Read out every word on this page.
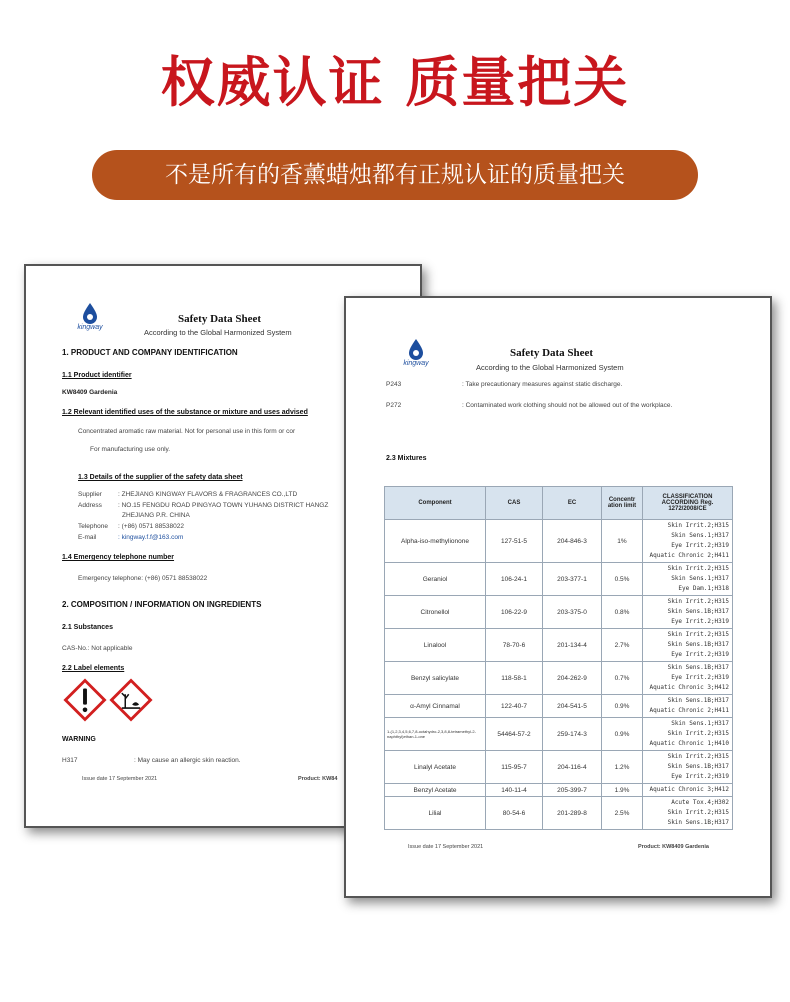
权威认证 质量把关
不是所有的香薰蜡烛都有正规认证的质量把关
kingway
Safety Data Sheet
According to the Global Harmonized System
1. PRODUCT AND COMPANY IDENTIFICATION
1.1 Product identifier
KW8409 Gardenia
1.2 Relevant identified uses of the substance or mixture and uses advised
Concentrated aromatic raw material. Not for personal use in this form or cor
For manufacturing use only.
1.3 Details of the supplier of the safety data sheet
Supplier	: ZHEJIANG KINGWAY FLAVORS & FRAGRANCES CO.,LTD
Address	: NO.15 FENGDU ROAD PINGYAO TOWN YUHANG DISTRICT HANGZ
ZHEJIANG P.R. CHINA
Telephone	: (+86) 0571 88538022
E-mail	: kingway.f.f@163.com
1.4 Emergency telephone number
Emergency telephone: (+86) 0571 88538022
2. COMPOSITION / INFORMATION ON INGREDIENTS
2.1 Substances
CAS-No.: Not applicable
2.2 Label elements
WARNING
H317	: May cause an allergic skin reaction.
Issue date 17 September 2021	Product: KW84
kingway
Safety Data Sheet
According to the Global Harmonized System
P243	: Take precautionary measures against static discharge.
P272	: Contaminated work clothing should not be allowed out of the workplace.
2.3 Mixtures
Component	CAS	EC	Concentr ation limit	CLASSIFICATION ACCORDING Reg. 1272/2008/CE
Alpha-iso-methylionone	127-51-5	204-846-3	1%	Skin Irrit.2;H315
Skin Sens.1;H317
Eye Irrit.2;H319
Aquatic Chronic 2;H411

Geraniol	106-24-1	203-377-1	0.5%	Skin Irrit.2;H315
Skin Sens.1;H317
Eye Dam.1;H318

Citronellol	106-22-9	203-375-0	0.8%	Skin Irrit.2;H315
Skin Sens.1B;H317
Eye Irrit.2;H319

Linalool	78-70-6	201-134-4	2.7%	Skin Irrit.2;H315
Skin Sens.1B;H317
Eye Irrit.2;H319

Benzyl salicylate	118-58-1	204-262-9	0.7%	Skin Sens.1B;H317
Eye Irrit.2;H319
Aquatic Chronic 3;H412

α-Amyl Cinnamal	122-40-7	204-541-5	0.9%	Skin Sens.1B;H317
Aquatic Chronic 2;H411

1-(1,2,3,4,5,6,7,8-octahydro-2,3,8,8-tetramethyl-2-naphthyl)ethan-1-one	54464-57-2	259-174-3	0.9%	Skin Sens.1;H317
Skin Irrit.2;H315
Aquatic Chronic 1;H410

Linalyl Acetate	115-95-7	204-116-4	1.2%	Skin Irrit.2;H315
Skin Sens.1B;H317
Eye Irrit.2;H319

Benzyl Acetate	140-11-4	205-399-7	1.9%	Aquatic Chronic 3;H412

Lilial	80-54-6	201-289-8	2.5%	Acute Tox.4;H302
Skin Irrit.2;H315
Skin Sens.1B;H317
Issue date 17 September 2021	Product: KW8409 Gardenia
